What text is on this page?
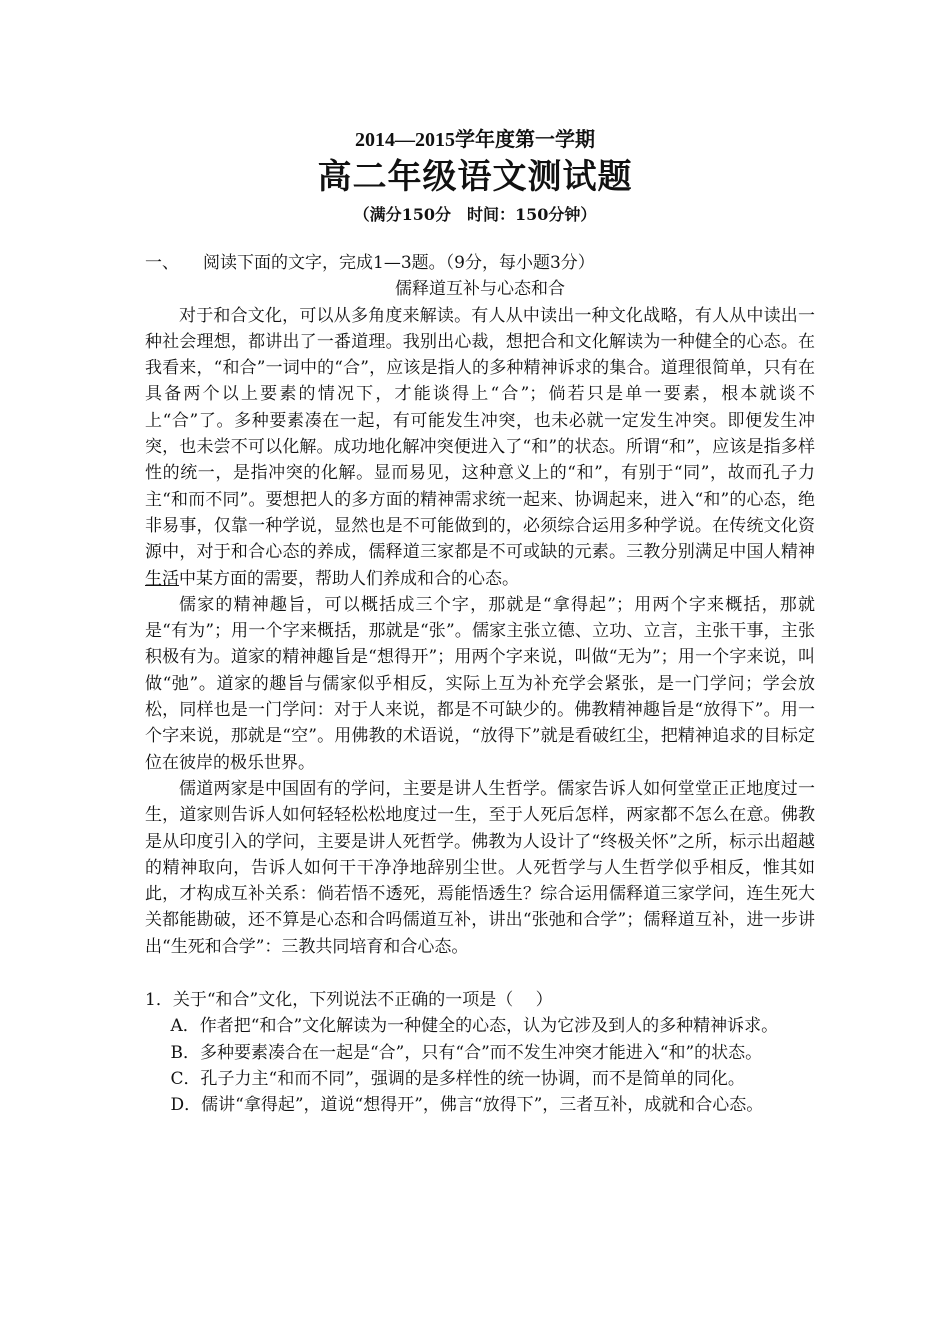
2014—2015学年度第一学期
高二年级语文测试题
（满分150分　时间：150分钟）

一、 阅读下面的文字，完成1—3题。（9分，每小题3分）

儒释道互补与心态和合

对于和合文化，可以从多角度来解读。有人从中读出一种文化战略，有人从中读出一种社会理想，都讲出了一番道理。我别出心裁，想把合和文化解读为一种健全的心态。在我看来，“和合”一词中的“合”，应该是指人的多种精神诉求的集合。道理很简单，只有在具备两个以上要素的情况下，才能谈得上“合”；倘若只是单一要素，根本就谈不上“合”了。多种要素凑在一起，有可能发生冲突，也未必就一定发生冲突。即便发生冲突，也未尝不可以化解。成功地化解冲突便进入了“和”的状态。所谓“和”，应该是指多样性的统一，是指冲突的化解。显而易见，这种意义上的“和”，有别于“同”，故而孔子力主“和而不同”。要想把人的多方面的精神需求统一起来、协调起来，进入“和”的心态，绝非易事，仅靠一种学说，显然也是不可能做到的，必须综合运用多种学说。在传统文化资源中，对于和合心态的养成，儒释道三家都是不可或缺的元素。三教分别满足中国人精神生活中某方面的需要，帮助人们养成和合的心态。

儒家的精神趣旨，可以概括成三个字，那就是“拿得起”；用两个字来概括，那就是“有为”；用一个字来概括，那就是“张”。儒家主张立德、立功、立言，主张干事，主张积极有为。道家的精神趣旨是“想得开”；用两个字来说，叫做“无为”；用一个字来说，叫做“弛”。道家的趣旨与儒家似乎相反，实际上互为补充学会紧张，是一门学问；学会放松，同样也是一门学问：对于人来说，都是不可缺少的。佛教精神趣旨是“放得下”。用一个字来说，那就是“空”。用佛教的术语说，“放得下”就是看破红尘，把精神追求的目标定位在彼岸的极乐世界。

儒道两家是中国固有的学问，主要是讲人生哲学。儒家告诉人如何堂堂正正地度过一生，道家则告诉人如何轻轻松松地度过一生，至于人死后怎样，两家都不怎么在意。佛教是从印度引入的学问，主要是讲人死哲学。佛教为人设计了“终极关怀”之所，标示出超越的精神取向，告诉人如何干干净净地辞别尘世。人死哲学与人生哲学似乎相反，惟其如此，才构成互补关系：倘若悟不透死，焉能悟透生？综合运用儒释道三家学问，连生死大关都能勘破，还不算是心态和合吗儒道互补，讲出“张弛和合学”；儒释道互补，进一步讲出“生死和合学”：三教共同培育和合心态。

1．关于“和合”文化，下列说法不正确的一项是（　 ）

A．作者把“和合”文化解读为一种健全的心态，认为它涉及到人的多种精神诉求。

B．多种要素凑合在一起是“合”，只有“合”而不发生冲突才能进入“和”的状态。

C．孔子力主“和而不同”，强调的是多样性的统一协调，而不是简单的同化。

D．儒讲“拿得起”，道说“想得开”，佛言“放得下”，三者互补，成就和合心态。
